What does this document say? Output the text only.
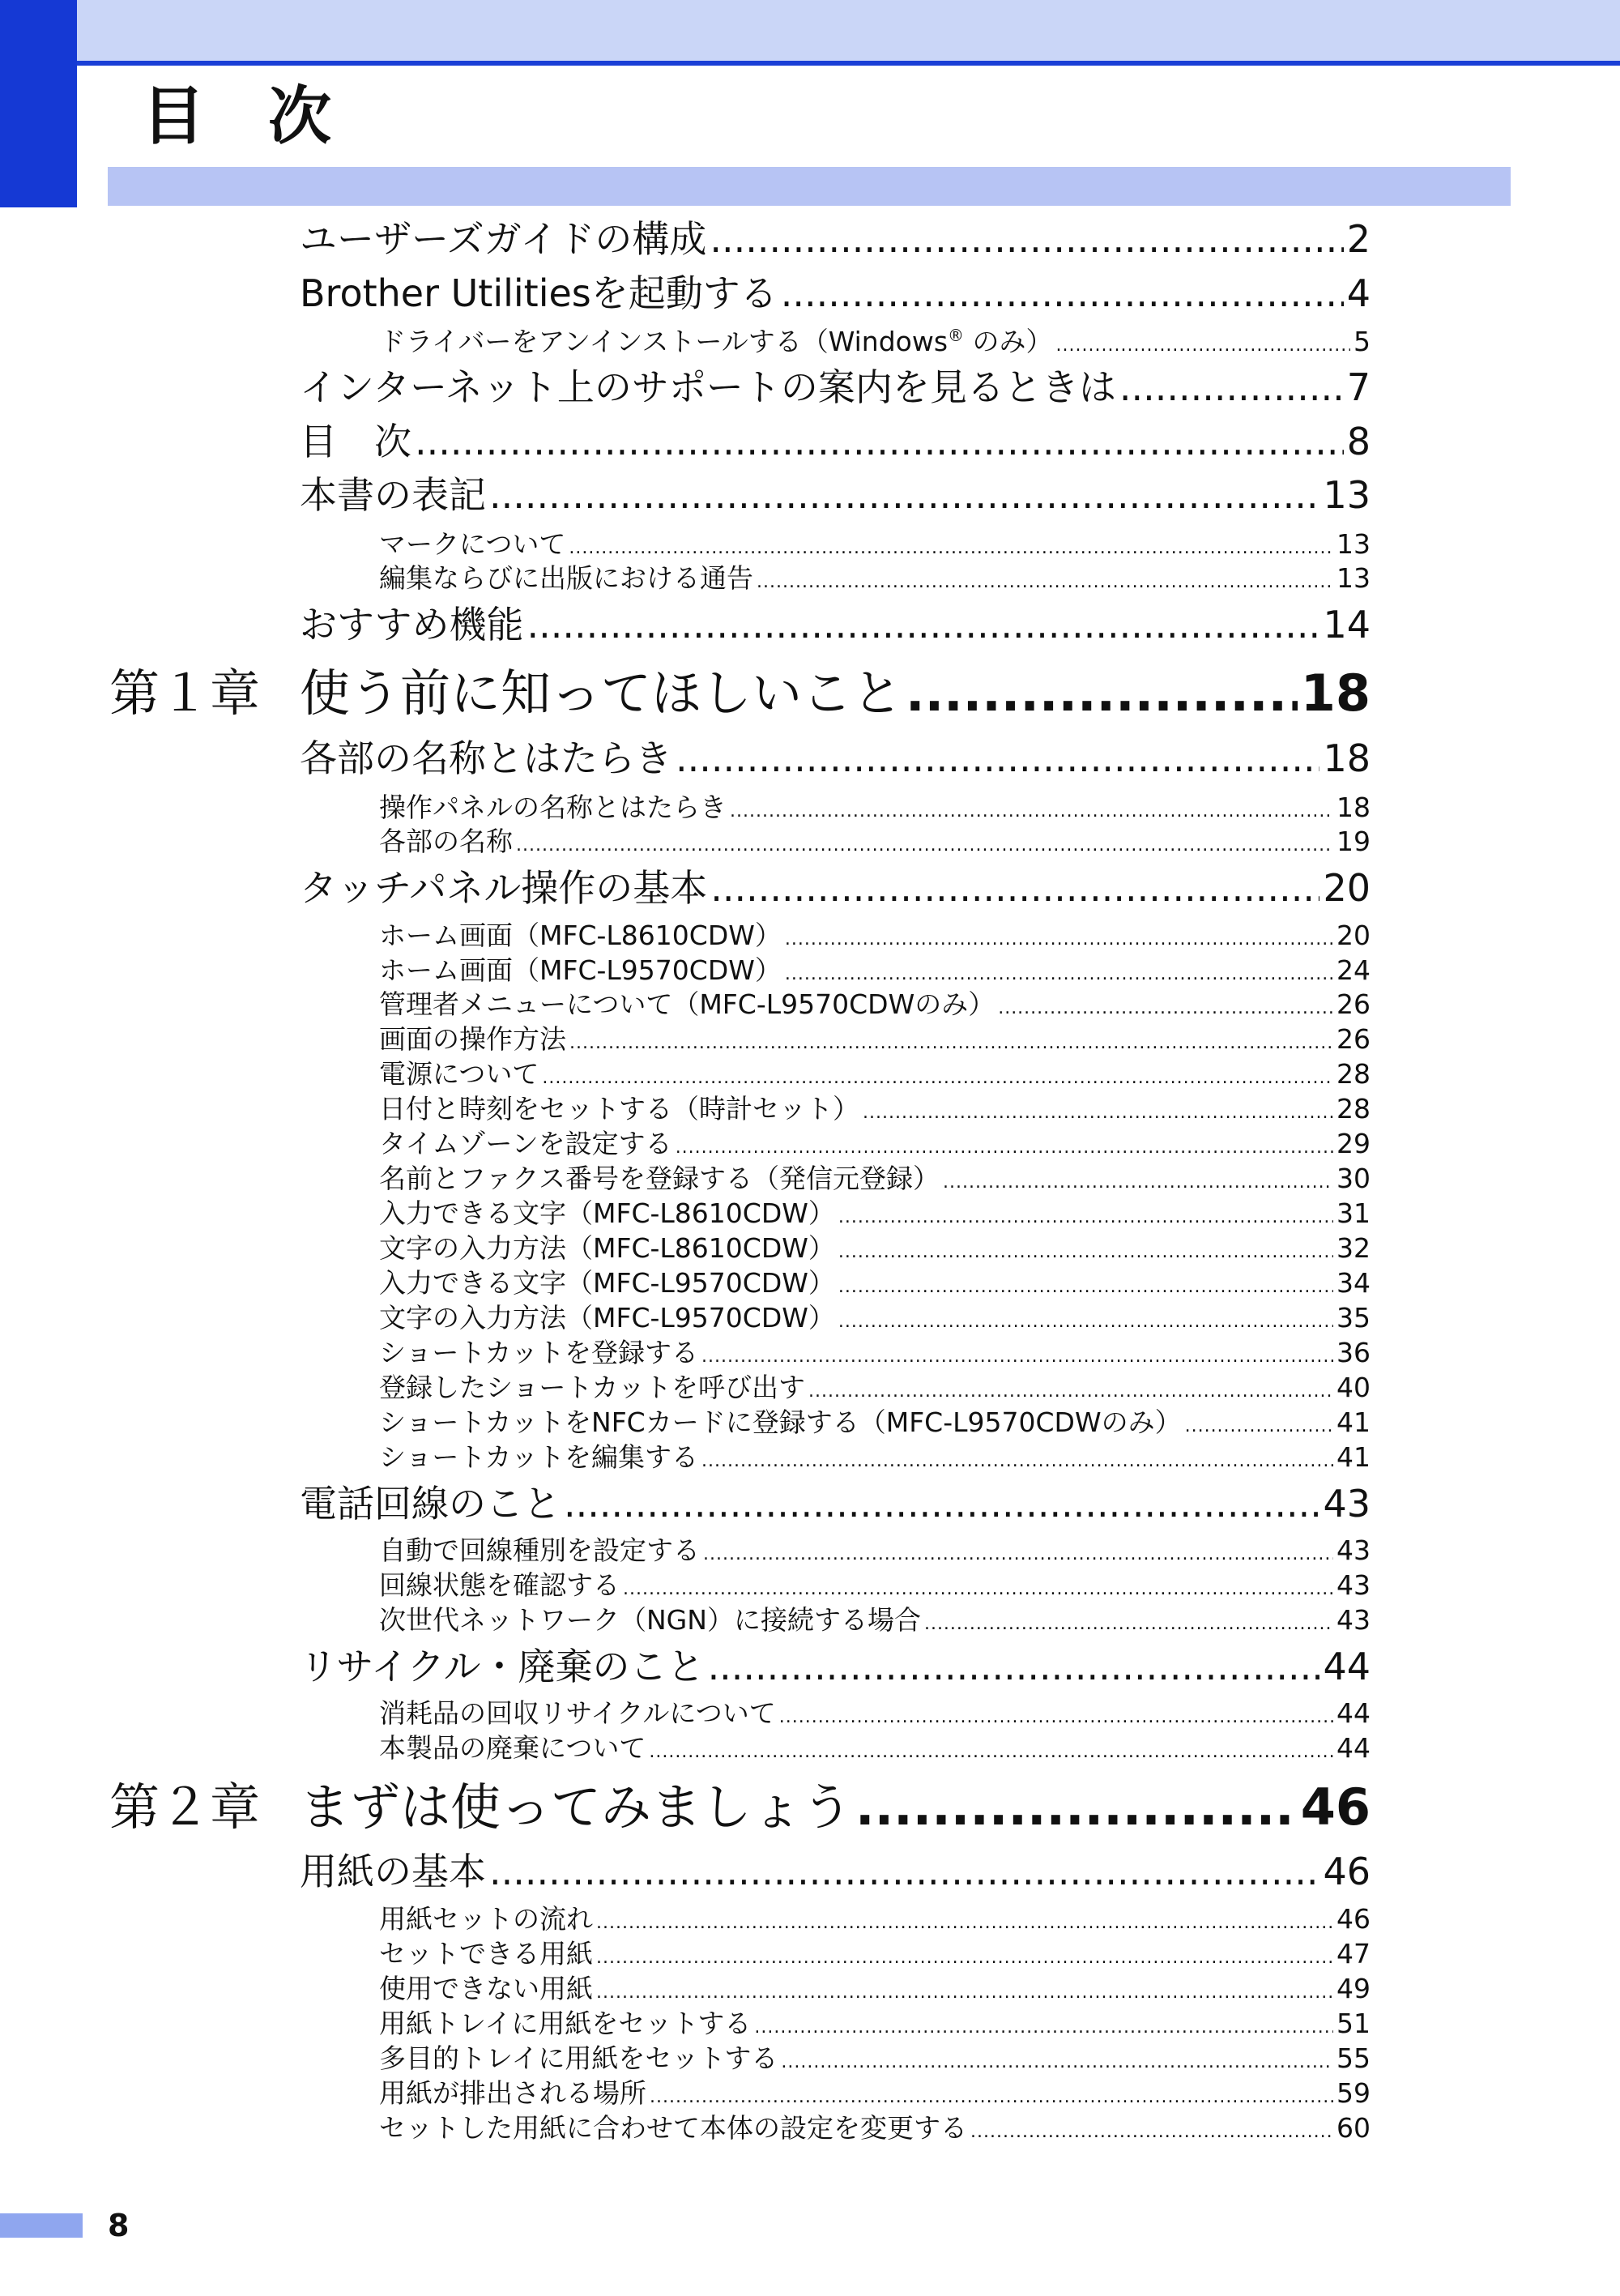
目　次
ユーザーズガイドの構成 .....	2
Brother Utilitiesを起動する .....	4
ドライバーをアンインストールする（Windows® のみ） .....	5
インターネット上のサポートの案内を見るときは .....	7
目　次 .....	8
本書の表記 .....	13
マークについて .....	13
編集ならびに出版における通告 .....	13
おすすめ機能 .....	14
第１章 使う前に知ってほしいこと .....	18
各部の名称とはたらき .....	18
操作パネルの名称とはたらき .....	18
各部の名称 .....	19
タッチパネル操作の基本 .....	20
ホーム画面（MFC-L8610CDW） .....	20
ホーム画面（MFC-L9570CDW） .....	24
管理者メニューについて（MFC-L9570CDWのみ） .....	26
画面の操作方法 .....	26
電源について .....	28
日付と時刻をセットする（時計セット） .....	28
タイムゾーンを設定する .....	29
名前とファクス番号を登録する（発信元登録） .....	30
入力できる文字（MFC-L8610CDW） .....	31
文字の入力方法（MFC-L8610CDW） .....	32
入力できる文字（MFC-L9570CDW） .....	34
文字の入力方法（MFC-L9570CDW） .....	35
ショートカットを登録する .....	36
登録したショートカットを呼び出す .....	40
ショートカットをNFCカードに登録する（MFC-L9570CDWのみ） .....	41
ショートカットを編集する .....	41
電話回線のこと .....	43
自動で回線種別を設定する .....	43
回線状態を確認する .....	43
次世代ネットワーク（NGN）に接続する場合 .....	43
リサイクル・廃棄のこと .....	44
消耗品の回収リサイクルについて .....	44
本製品の廃棄について .....	44
第２章 まずは使ってみましょう .....	46
用紙の基本 .....	46
用紙セットの流れ .....	46
セットできる用紙 .....	47
使用できない用紙 .....	49
用紙トレイに用紙をセットする .....	51
多目的トレイに用紙をセットする .....	55
用紙が排出される場所 .....	59
セットした用紙に合わせて本体の設定を変更する .....	60
8
